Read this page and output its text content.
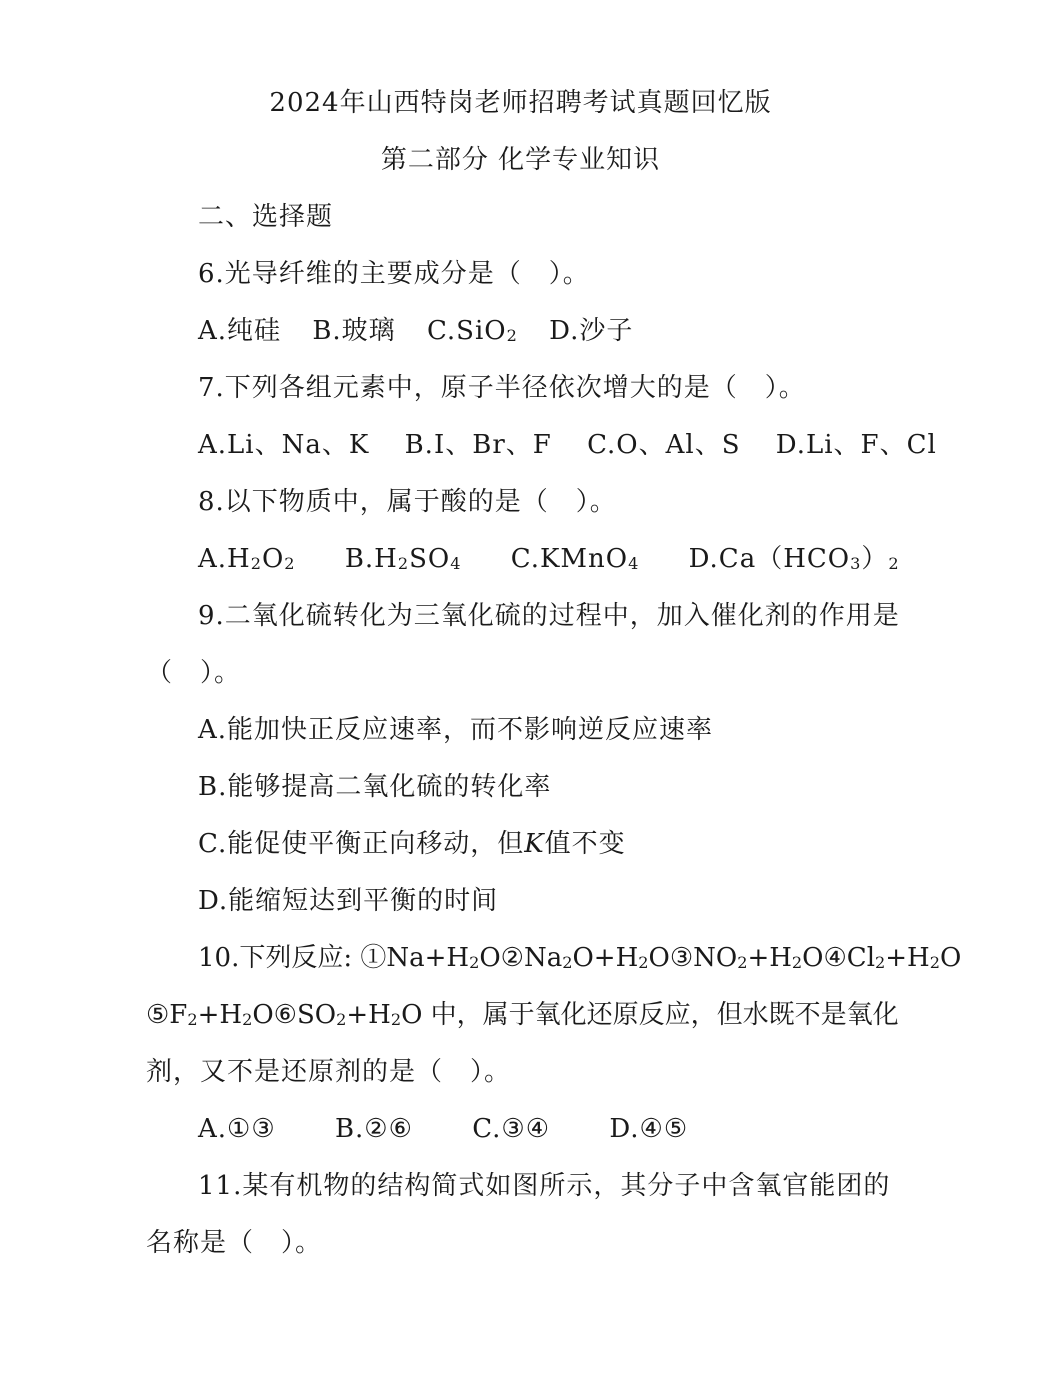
2024年山西特岗老师招聘考试真题回忆版
第二部分 化学专业知识
二、选择题
6.光导纤维的主要成分是（　）。
A.纯硅 B.玻璃 C.SiO$_2$ D.沙子
7.下列各组元素中，原子半径依次增大的是（　）。
A.Li、Na、K B.I、Br、F C.O、Al、S D.Li、F、Cl
8.以下物质中，属于酸的是（　）。
$A.H_2O_2$ $B.H_2SO_4$ C.KMnO$_4$ $D.Ca(HCO_3)_2$
9.二氧化硫转化为三氧化硫的过程中，加入催化剂的作用是
（　）。
A.能加快正反应速率，而不影响逆反应速率
B.能够提高二氧化硫的转化率
C.能促使平衡正向移动，但K值不变
D.能缩短达到平衡的时间
10.下列反应: $①Na+H_2O②Na_2O+H_2O③NO_2+H_2O④Cl_2+H_2O$
$⑤F_2+H_2O⑥SO_2+H_2O$ 中，属于氧化还原反应，但水既不是氧化
剂，又不是还原剂的是（　）。
A.①③ B.②⑥ C.③④ D.④⑤
11.某有机物的结构简式如图所示，其分子中含氧官能团的
名称是（　）。
